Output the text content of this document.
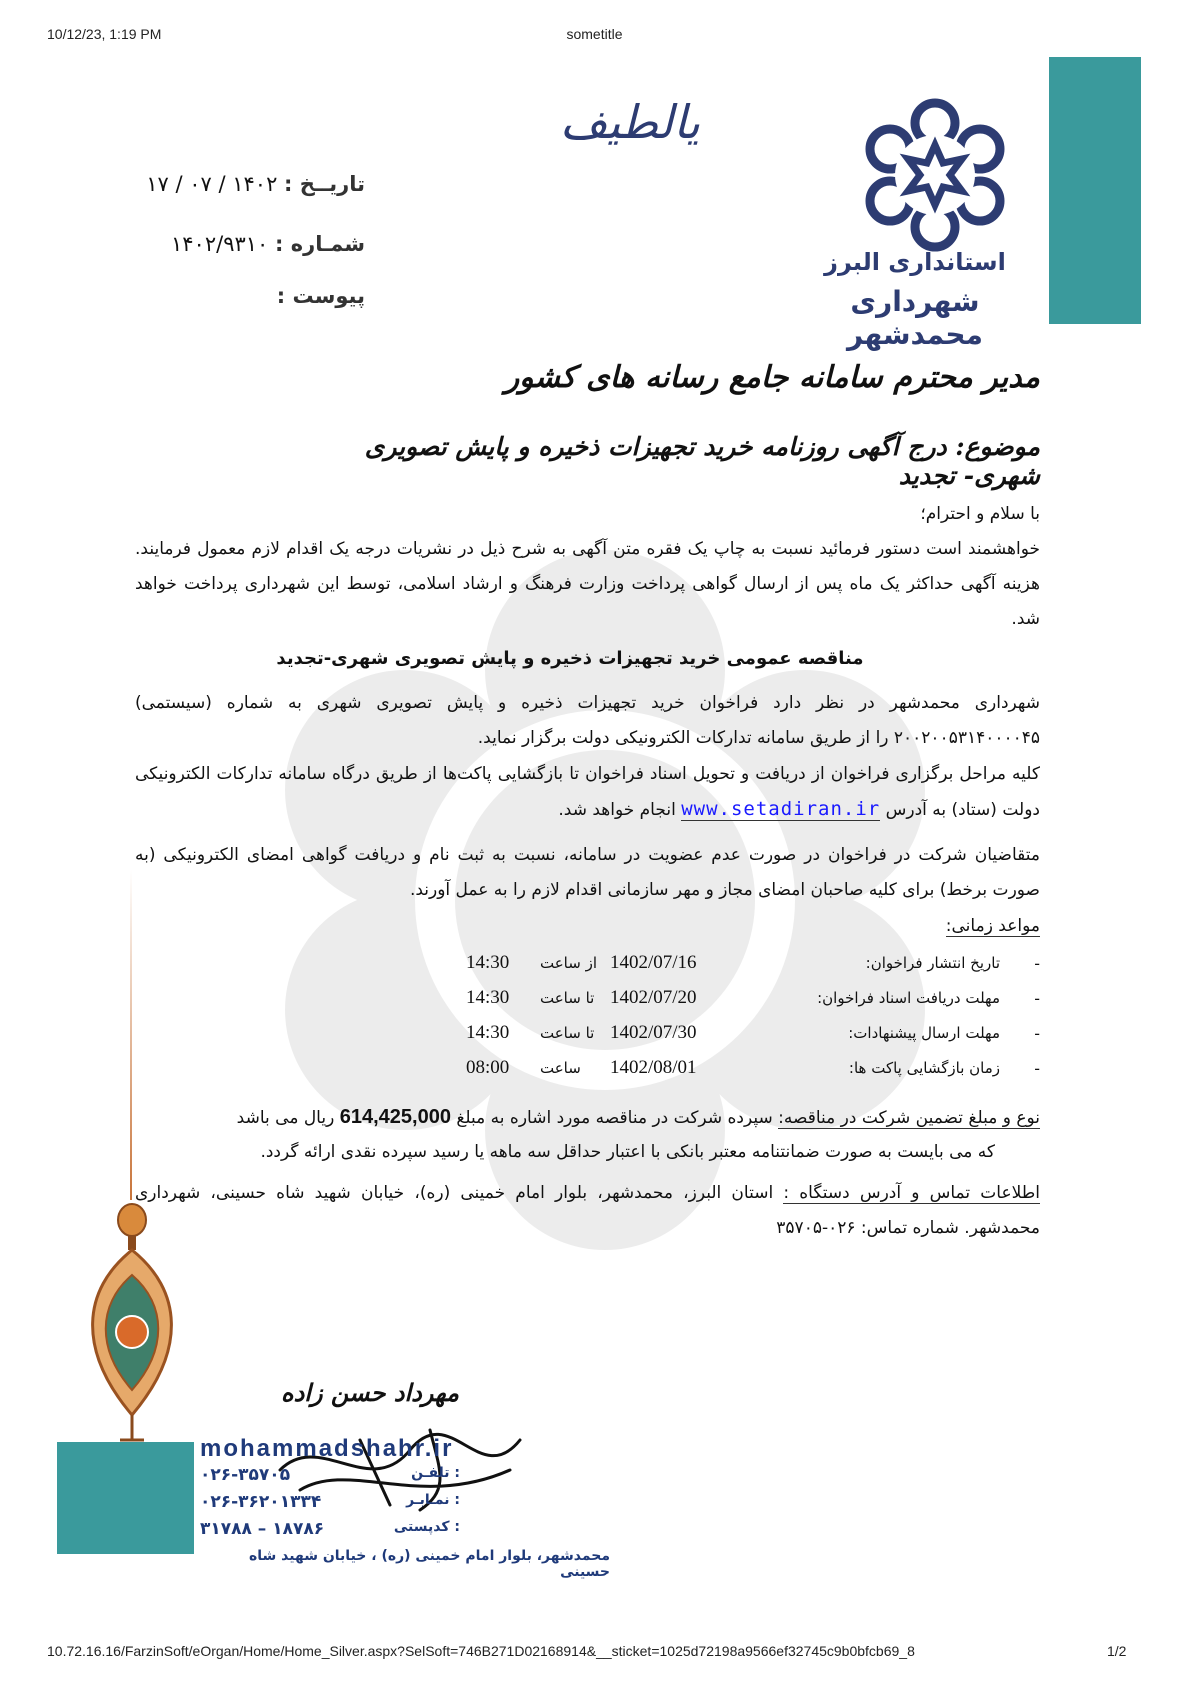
10/12/23, 1:19 PM	sometitle
استانداری البرز
شهرداری محمدشهر
یالطیف
تاریــخ : ۱۴۰۲ / ۰۷ / ۱۷
شمـاره : ۱۴۰۲/۹۳۱۰
پیوست :
مدیر محترم سامانه جامع رسانه های کشور
موضوع: درج آگهی روزنامه خرید تجهیزات ذخیره و پایش تصویری شهری- تجدید
با سلام و احترام؛
خواهشمند است دستور فرمائید نسبت به چاپ یک فقره متن آگهی به شرح ذیل در نشریات درجه یک اقدام لازم معمول فرمایند. هزینه آگهی حداکثر یک ماه پس از ارسال گواهی پرداخت وزارت فرهنگ و ارشاد اسلامی، توسط این شهرداری پرداخت خواهد شد.
مناقصه عمومی خرید تجهیزات ذخیره و پایش تصویری شهری-تجدید
شهرداری محمدشهر در نظر دارد فراخوان خرید تجهیزات ذخیره و پایش تصویری شهری به شماره (سیستمی) ۲۰۰۲۰۰۵۳۱۴۰۰۰۰۴۵ را از طریق سامانه تدارکات الکترونیکی دولت برگزار نماید.
کلیه مراحل برگزاری فراخوان از دریافت و تحویل اسناد فراخوان تا بازگشایی پاکت‌ها از طریق درگاه سامانه تدارکات الکترونیکی دولت (ستاد) به آدرس www.setadiran.ir انجام خواهد شد.
متقاضیان شرکت در فراخوان در صورت عدم عضویت در سامانه، نسبت به ثبت نام و دریافت گواهی امضای الکترونیکی (به صورت برخط) برای کلیه صاحبان امضای مجاز و مهر سازمانی اقدام لازم را به عمل آورند.
مواعد زمانی:
-
تاریخ انتشار فراخوان:
1402/07/16
از ساعت
14:30
-
مهلت دریافت اسناد فراخوان:
1402/07/20
تا ساعت
14:30
-
مهلت ارسال پیشنهادات:
1402/07/30
تا ساعت
14:30
-
زمان بازگشایی پاکت ها:
1402/08/01
ساعت
08:00
نوع و مبلغ تضمین شرکت در مناقصه: سپرده شرکت در مناقصه مورد اشاره به مبلغ 614,425,000 ریال می باشد
که می بایست به صورت ضمانتنامه معتبر بانکی با اعتبار حداقل سه ماهه یا رسید سپرده نقدی ارائه گردد.
اطلاعات تماس و آدرس دستگاه : استان البرز، محمدشهر، بلوار امام خمینی (ره)، خیابان شهید شاه حسینی، شهرداری محمدشهر. شماره تماس: ۰۲۶-۳۵۷۰۵
مهرداد حسن زاده
mohammadshahr.ir
۰۲۶-۳۵۷۰۵	تلفـن :
۰۲۶-۳۶۲۰۱۳۳۴	نمـابـر :
۳۱۷۸۸ – ۱۸۷۸۶	کدپستی :
محمدشهر، بلوار امام خمینی (ره) ، خیابان شهید شاه حسینی
10.72.16.16/FarzinSoft/eOrgan/Home/Home_Silver.aspx?SelSoft=746B271D02168914&__sticket=1025d72198a9566ef32745c9b0bfcb69_8	1/2
